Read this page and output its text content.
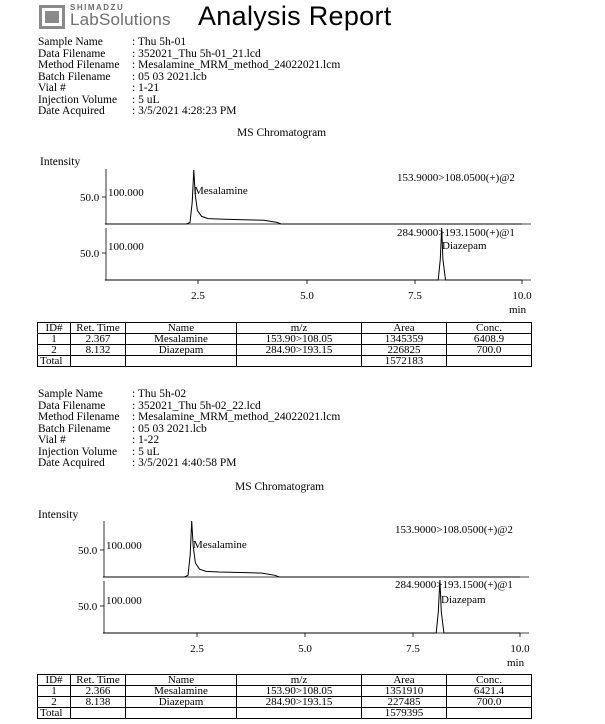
SHIMADZU
LabSolutions Analysis Report
Sample Name	: Thu 5h-01
Data Filename : 352021_Thu 5h-01_21.lcd
Method Filename : Mesalamine_MRM_method_24022021.lcm
Batch Filename : 05 03 2021.lcb
Vial #	: 1-21
Injection Volume : 5 uL
Date Acquired : 3/5/2021 4:28:23 PM
MS Chromatogram
Intensity
50.0
50.0
100.000
100.000
153.9000>108.0500(+)@2
284.9000>193.1500(+)@1
Mesalamine
Diazepam
2.5	5.0	7.5	10.0
min
ID#	Ret. Time	Name	m/z	Area	Conc.
1	2.367	Mesalamine	153.90>108.05	1345359	6408.9
2	8.132	Diazepam	284.90>193.15	226825	700.0
Total				1572183	
Sample Name	: Thu 5h-02
Data Filename : 352021_Thu 5h-02_22.lcd
Method Filename : Mesalamine_MRM_method_24022021.lcm
Batch Filename : 05 03 2021.lcb
Vial #	: 1-22
Injection Volume : 5 uL
Date Acquired : 3/5/2021 4:40:58 PM
MS Chromatogram
Intensity
50.0
50.0
100.000
100.000
153.9000>108.0500(+)@2
284.9000>193.1500(+)@1
Mesalamine
Diazepam
2.5	5.0	7.5	10.0
min
ID#	Ret. Time	Name	m/z	Area	Conc.
1	2.366	Mesalamine	153.90>108.05	1351910	6421.4
2	8.138	Diazepam	284.90>193.15	227485	700.0
Total				1579395	
